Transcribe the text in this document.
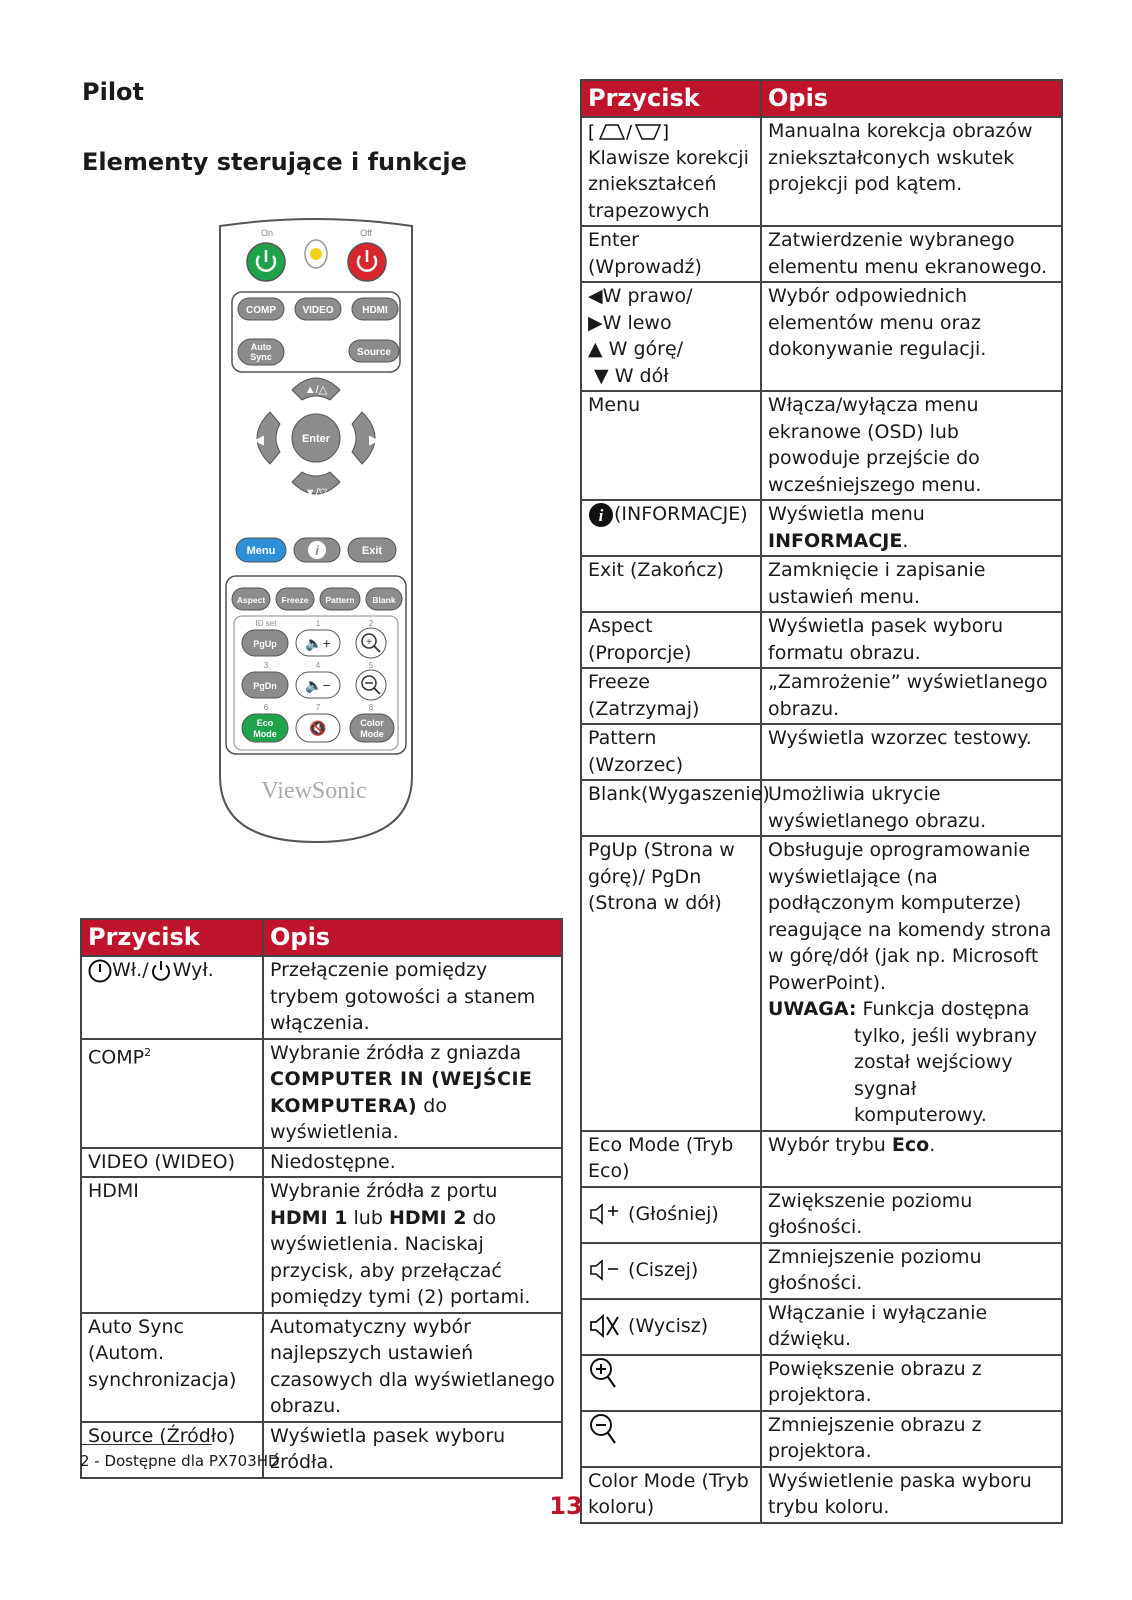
Pilot
Elementy sterujące i funkcje
On	Off
COMP	VIDEO	HDMI
Auto
Sync	Source
▲/△
▼/▽
◀	▶
Enter
Menu	i	Exit
Aspect Freeze Pattern Blank
ID set	1	2
PgUp 🔈+	+
3	4	5
PgDn 🔈−
6	7	8
Eco
Mode 🔇	Color
Mode
ViewSonic
Przycisk	Opis
Wł./ Wył.	Przełączenie pomiędzy trybem gotowości a stanem włączenia.
COMP$^2$	Wybranie źródła z gniazda COMPUTER IN (WEJŚCIE KOMPUTERA) do wyświetlenia.
VIDEO (WIDEO)	Niedostępne.
HDMI	Wybranie źródła z portu HDMI 1 lub HDMI 2 do wyświetlenia. Naciskaj przycisk, aby przełączać pomiędzy tymi (2) portami.
Auto Sync (Autom. synchronizacja)	Automatyczny wybór najlepszych ustawień czasowych dla wyświetlanego obrazu.
Source (Źródło)	Wyświetla pasek wyboru źródła.
Przycisk	Opis

[ / ]

Klawisze korekcji zniekształceń trapezowych	Manualna korekcja obrazów zniekształconych wskutek projekcji pod kątem.
Enter (Wprowadź)	Zatwierdzenie wybranego elementu menu ekranowego.
◀W prawo/
▶W lewo
▲ W górę/
▼ W dół	Wybór odpowiednich elementów menu oraz dokonywanie regulacji.
Menu	Włącza/wyłącza menu ekranowe (OSD) lub powoduje przejście do wcześniejszego menu.

i (INFORMACJE)	Wyświetla menu INFORMACJE.
Exit (Zakończ)	Zamknięcie i zapisanie ustawień menu.
Aspect (Proporcje)	Wyświetla pasek wyboru formatu obrazu.
Freeze (Zatrzymaj)	„Zamrożenie” wyświetlanego obrazu.
Pattern (Wzorzec)	Wyświetla wzorzec testowy.
Blank(Wygaszenie)	Umożliwia ukrycie wyświetlanego obrazu.
PgUp (Strona w górę)/ PgDn (Strona w dół)	Obsługuje oprogramowanie wyświetlające (na podłączonym komputerze) reagujące na komendy strona w górę/dół (jak np. Microsoft PowerPoint).
UWAGA: Funkcja dostępna
tylko, jeśli wybrany został wejściowy sygnał komputerowy.

Eco Mode (Tryb Eco)	Wybór trybu Eco.
(Głośniej)	Zwiększenie poziomu głośności.
(Ciszej)	Zmniejszenie poziomu głośności.
(Wycisz)	Włączanie i wyłączanie dźwięku.
	Powiększenie obrazu z projektora.
	Zmniejszenie obrazu z projektora.
Color Mode (Tryb koloru)	Wyświetlenie paska wyboru trybu koloru.
2 - Dostępne dla PX703HD
13
